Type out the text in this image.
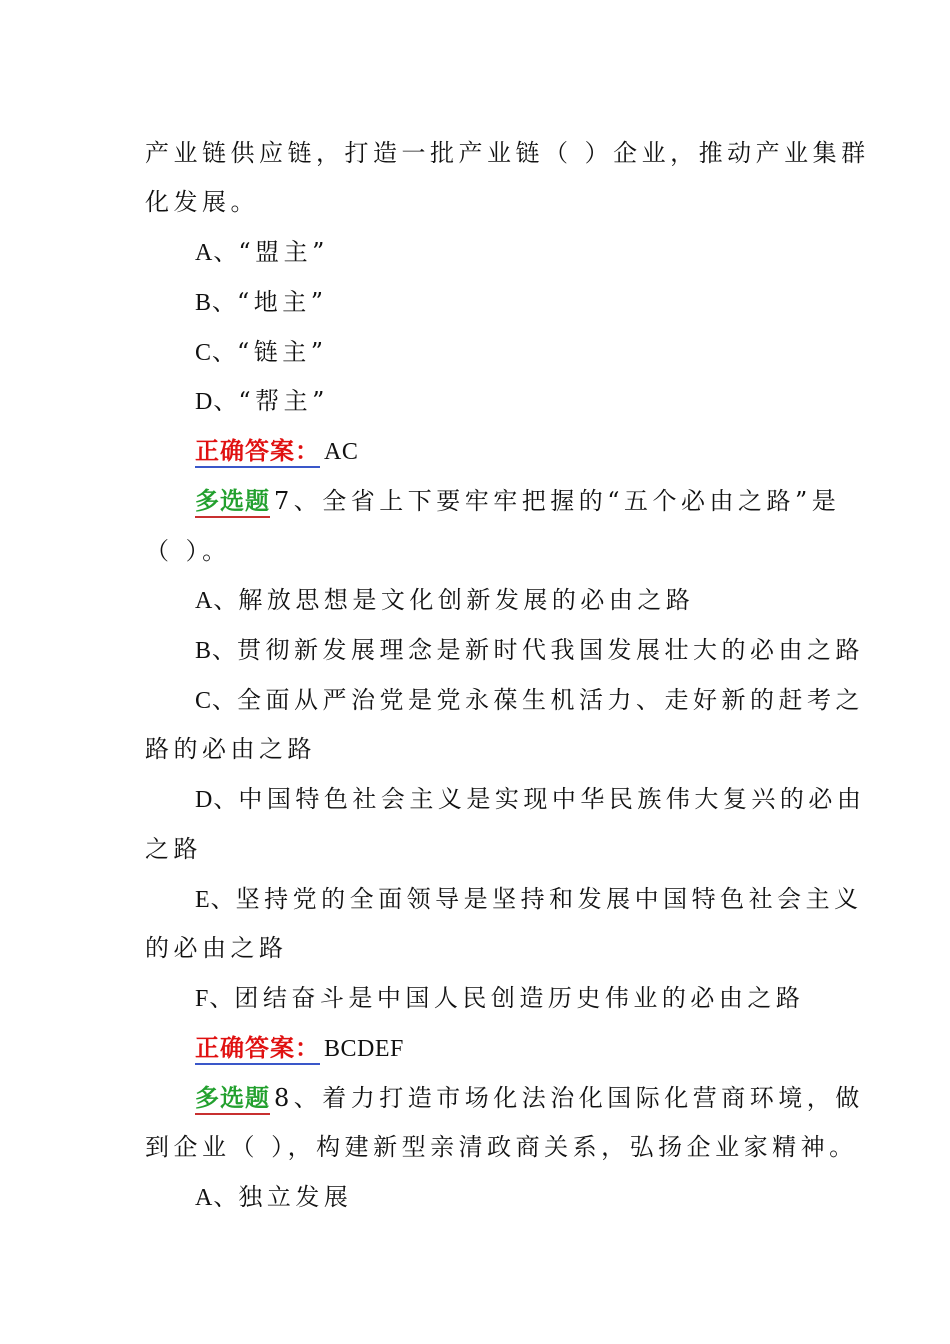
产业链供应链，打造一批产业链（ ）企业，推动产业集群
化发展。
A、“盟主”
B、“地主”
C、“链主”
D、“帮主”
正确答案： AC
多选题 7、全省上下要牢牢把握的“五个必由之路”是
（ ）。
A、解放思想是文化创新发展的必由之路
B、贯彻新发展理念是新时代我国发展壮大的必由之路
C、全面从严治党是党永葆生机活力、走好新的赶考之
路的必由之路
D、中国特色社会主义是实现中华民族伟大复兴的必由
之路
E、坚持党的全面领导是坚持和发展中国特色社会主义
的必由之路
F、团结奋斗是中国人民创造历史伟业的必由之路
正确答案： BCDEF
多选题 8、着力打造市场化法治化国际化营商环境，做
到企业（ ），构建新型亲清政商关系，弘扬企业家精神。
A、独立发展
